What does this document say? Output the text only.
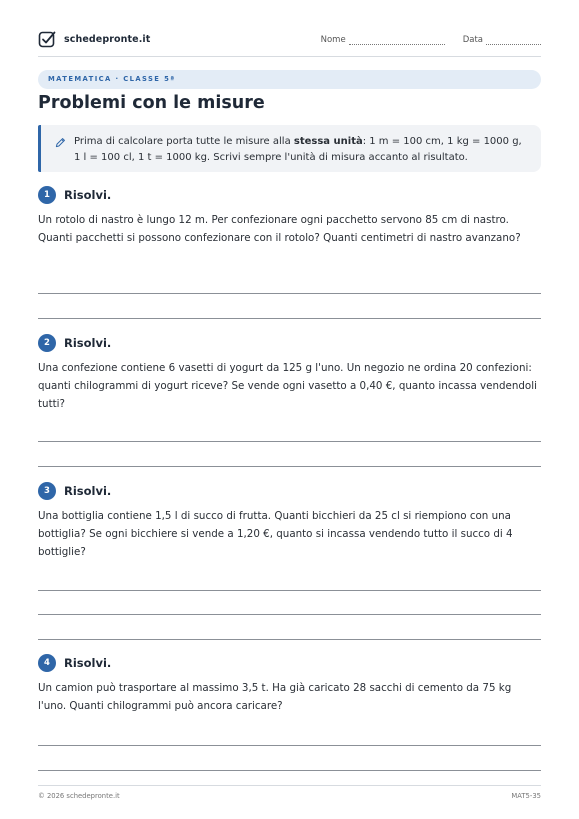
schedepronte.it	Nome	Data
MATEMATICA · CLASSE 5ª
Problemi con le misure
Prima di calcolare porta tutte le misure alla stessa unità: 1 m = 100 cm, 1 kg = 1000 g, 1 l = 100 cl, 1 t = 1000 kg. Scrivi sempre l'unità di misura accanto al risultato.
1	Risolvi.
Un rotolo di nastro è lungo 12 m. Per confezionare ogni pacchetto servono 85 cm di nastro. Quanti pacchetti si possono confezionare con il rotolo? Quanti centimetri di nastro avanzano?
2	Risolvi.
Una confezione contiene 6 vasetti di yogurt da 125 g l'uno. Un negozio ne ordina 20 confezioni: quanti chilogrammi di yogurt riceve? Se vende ogni vasetto a 0,40 €, quanto incassa vendendoli tutti?
3	Risolvi.
Una bottiglia contiene 1,5 l di succo di frutta. Quanti bicchieri da 25 cl si riempiono con una bottiglia? Se ogni bicchiere si vende a 1,20 €, quanto si incassa vendendo tutto il succo di 4 bottiglie?
4	Risolvi.
Un camion può trasportare al massimo 3,5 t. Ha già caricato 28 sacchi di cemento da 75 kg l'uno. Quanti chilogrammi può ancora caricare?
© 2026 schedepronte.it	MAT5-35
